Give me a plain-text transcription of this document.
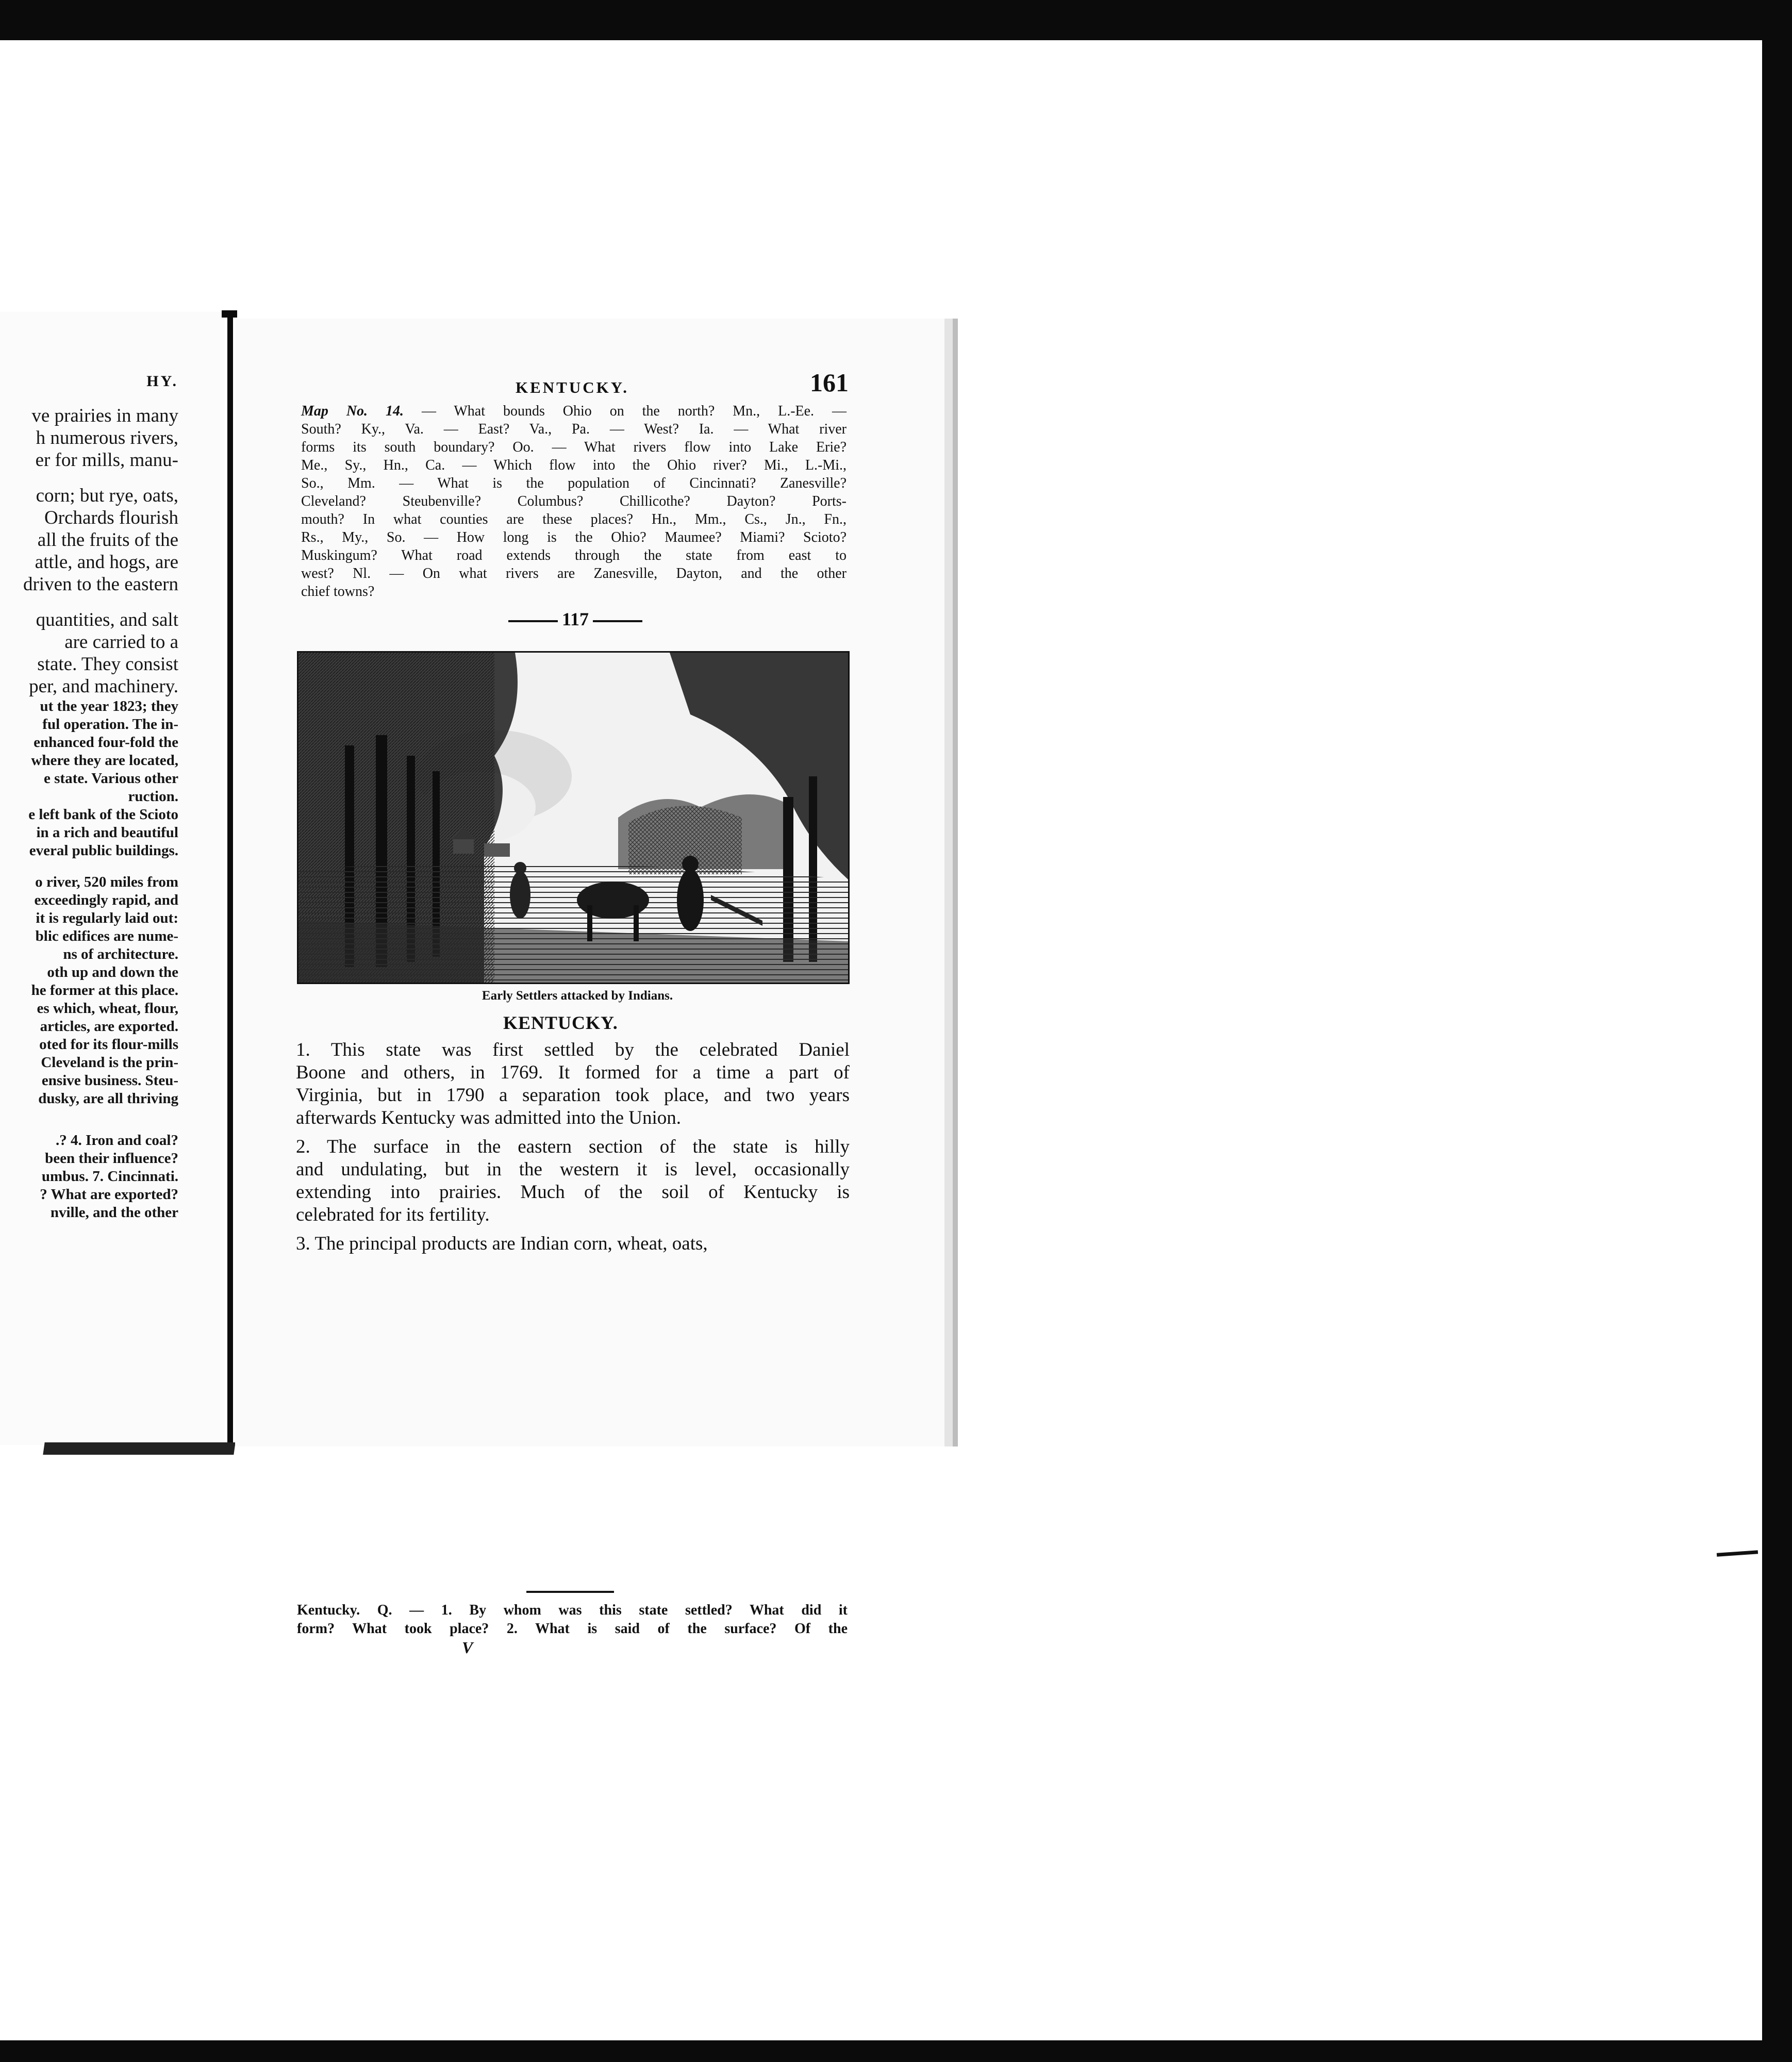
HY.
ve prairies in many
h numerous rivers,
er for mills, manu-
corn; but rye, oats,
Orchards flourish
all the fruits of the
attle, and hogs, are
driven to the eastern
quantities, and salt
are carried to a
state. They consist
per, and machinery.
ut the year 1823; they
ful operation. The in-
enhanced four-fold the
where they are located,
e state. Various other
ruction.
e left bank of the Scioto
in a rich and beautiful
everal public buildings.
o river, 520 miles from
exceedingly rapid, and
it is regularly laid out:
blic edifices are nume-
ns of architecture.
oth up and down the
he former at this place.
es which, wheat, flour,
articles, are exported.
oted for its flour-mills
Cleveland is the prin-
ensive business. Steu-
dusky, are all thriving
.? 4. Iron and coal?
been their influence?
umbus. 7. Cincinnati.
? What are exported?
nville, and the other
KENTUCKY.	161
Map No. 14. — What bounds Ohio on the north? Mn., L.-Ee. —
South? Ky., Va. — East? Va., Pa. — West? Ia. — What river
forms its south boundary? Oo. — What rivers flow into Lake Erie?
Me., Sy., Hn., Ca. — Which flow into the Ohio river? Mi., L.-Mi.,
So., Mm. — What is the population of Cincinnati? Zanesville?
Cleveland? Steubenville? Columbus? Chillicothe? Dayton? Ports-
mouth? In what counties are these places? Hn., Mm., Cs., Jn., Fn.,
Rs., My., So. — How long is the Ohio? Maumee? Miami? Scioto?
Muskingum? What road extends through the state from east to
west? Nl. — On what rivers are Zanesville, Dayton, and the other
chief towns?
117
Early Settlers attacked by Indians.
KENTUCKY.
1. This state was first settled by the celebrated Daniel
Boone and others, in 1769. It formed for a time a part of
Virginia, but in 1790 a separation took place, and two years
afterwards Kentucky was admitted into the Union.
2. The surface in the eastern section of the state is hilly
and undulating, but in the western it is level, occasionally
extending into prairies. Much of the soil of Kentucky is
celebrated for its fertility.
3. The principal products are Indian corn, wheat, oats,
Kentucky. Q. — 1. By whom was this state settled? What did it
form? What took place? 2. What is said of the surface? Of the
V
